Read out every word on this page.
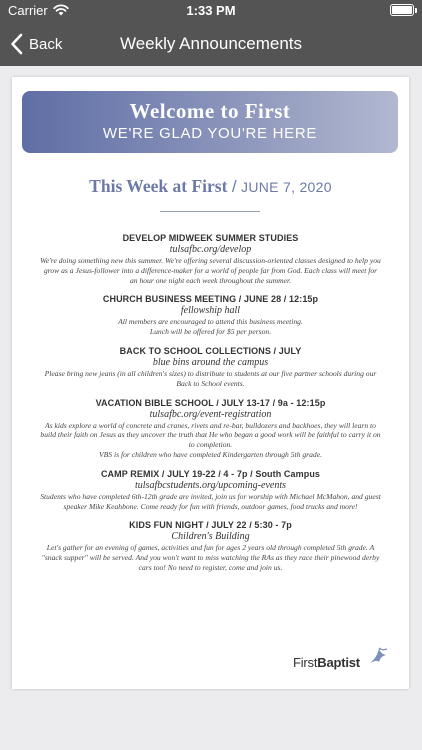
Carrier	1:33 PM
Back	Weekly Announcements
Welcome to First
WE'RE GLAD YOU'RE HERE
This Week at First / JUNE 7, 2020
DEVELOP MIDWEEK SUMMER STUDIES
tulsafbc.org/develop
We're doing something new this summer. We're offering several discussion-oriented classes designed to help you grow as a Jesus-follower into a difference-maker for a world of people far from God. Each class will meet for an hour one night each week throughout the summer.
CHURCH BUSINESS MEETING / JUNE 28 / 12:15p
fellowship hall
All members are encouraged to attend this business meeting.
Lunch will be offered for $5 per person.
BACK TO SCHOOL COLLECTIONS / JULY
blue bins around the campus
Please bring new jeans (in all children's sizes) to distribute to students at our five partner schools during our Back to School events.
VACATION BIBLE SCHOOL / JULY 13-17 / 9a - 12:15p
tulsafbc.org/event-registration
As kids explore a world of concrete and cranes, rivets and re-bar, bulldozers and backhoes, they will learn to build their faith on Jesus as they uncover the truth that He who began a good work will be faithful to carry it on to completion.
VBS is for children who have completed Kindergarten through 5th grade.
CAMP REMIX / JULY 19-22 / 4 - 7p / South Campus
tulsafbcstudents.org/upcoming-events
Students who have completed 6th-12th grade are invited, join us for worship with Michael McMahon, and guest speaker Mike Keahbone. Come ready for fun with friends, outdoor games, food trucks and more!
KIDS FUN NIGHT / JULY 22 / 5:30 - 7p
Children's Building
Let's gather for an evening of games, activities and fun for ages 2 years old through completed 5th grade. A "snack supper" will be served. And you won't want to miss watching the RAs as they race their pinewood derby cars too! No need to register, come and join us.
FirstBaptist
